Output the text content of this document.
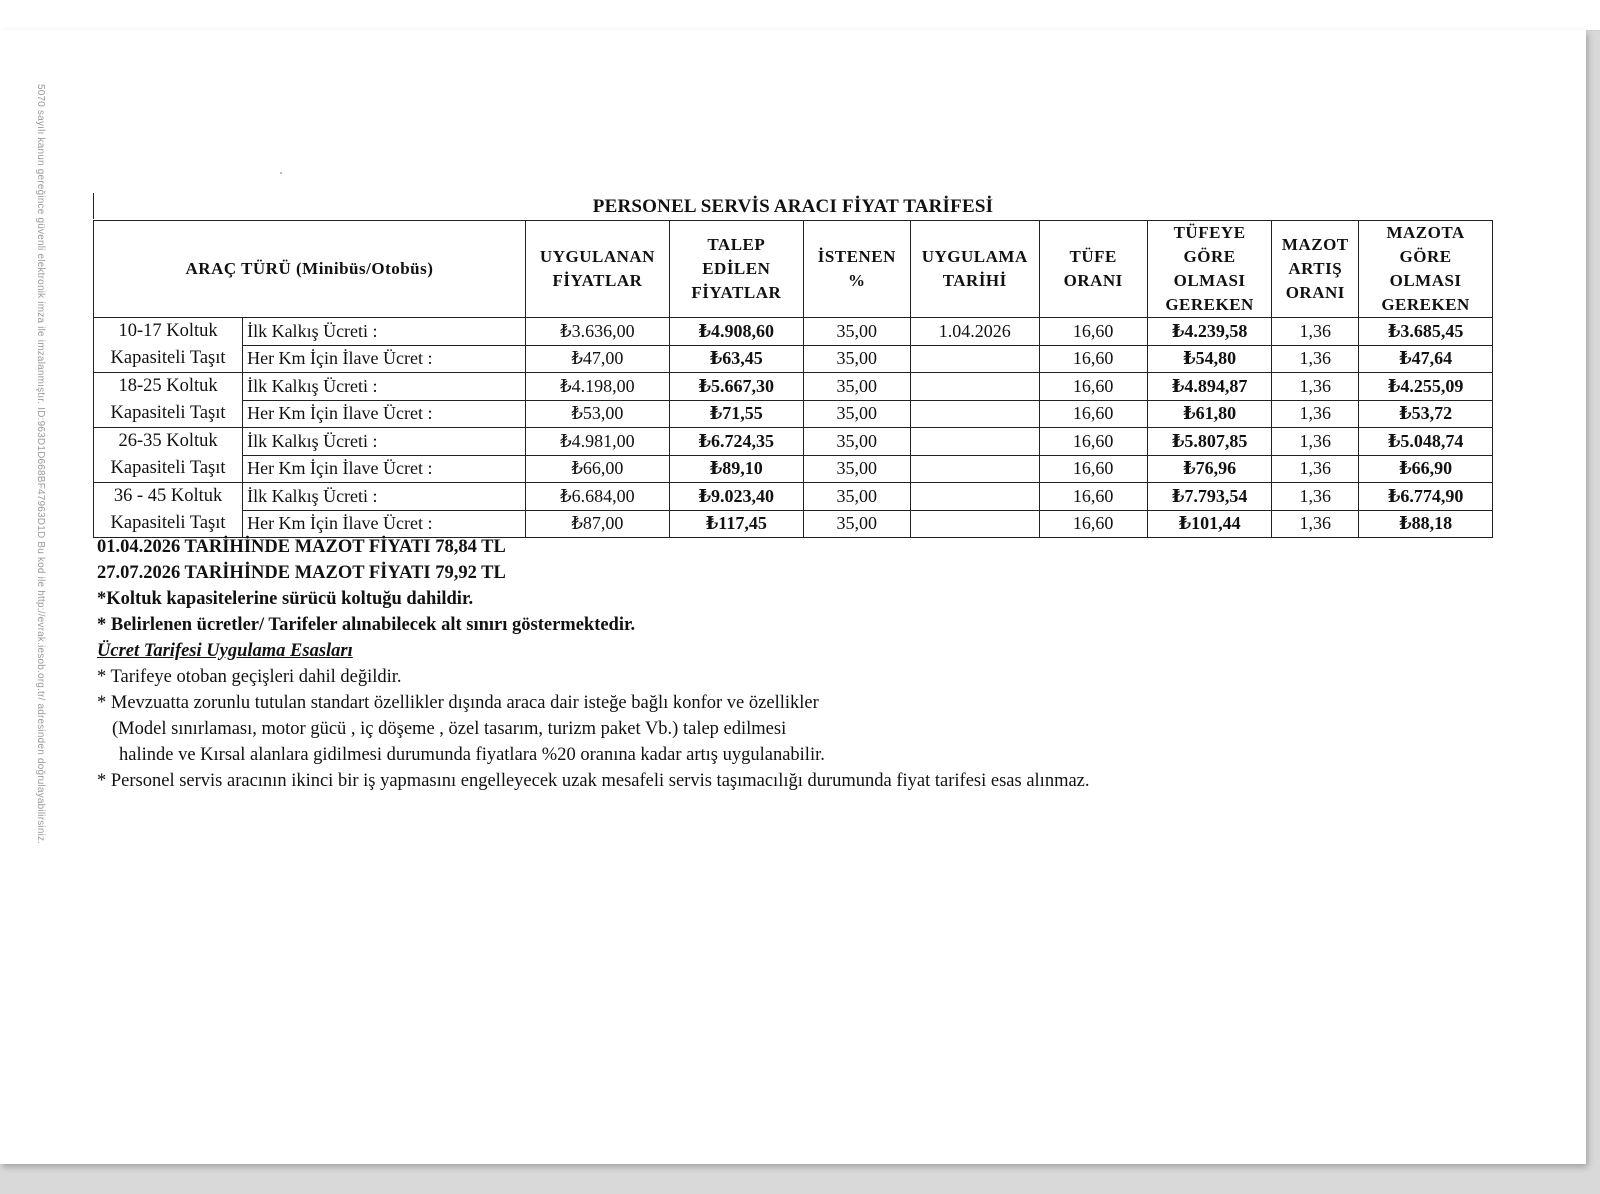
5070 sayılı kanun gereğince güvenli elektronik imza ile imzalanmıştır. ID:963D1D668BF47963D1D Bu kod ile http://evrak.iesob.org.tr/ adresinden doğrulayabilirsiniz.	PERSONEL SERVİS ARACI FİYAT TARİFESİ
ARAÇ TÜRÜ (Minibüs/Otobüs)		UYGULANAN FİYATLAR	TALEP EDİLEN FİYATLAR	İSTENEN %	UYGULAMA TARİHİ	TÜFE ORANI	TÜFEYE GÖRE OLMASI GEREKEN	MAZOT ARTIŞ ORANI	MAZOTA GÖRE OLMASI GEREKEN

10-17 Koltuk
Kapasiteli Taşıt	İlk Kalkış Ücreti :	₺3.636,00	₺4.908,60	35,00	1.04.2026	16,60	₺4.239,58	1,36	₺3.685,45
	Her Km İçin İlave Ücret :	₺47,00	₺63,45	35,00		16,60	₺54,80	1,36	₺47,64

18-25 Koltuk
Kapasiteli Taşıt	İlk Kalkış Ücreti :	₺4.198,00	₺5.667,30	35,00		16,60	₺4.894,87	1,36	₺4.255,09
	Her Km İçin İlave Ücret :	₺53,00	₺71,55	35,00		16,60	₺61,80	1,36	₺53,72

26-35 Koltuk
Kapasiteli Taşıt	İlk Kalkış Ücreti :	₺4.981,00	₺6.724,35	35,00		16,60	₺5.807,85	1,36	₺5.048,74
	Her Km İçin İlave Ücret :	₺66,00	₺89,10	35,00		16,60	₺76,96	1,36	₺66,90

36 - 45 Koltuk
Kapasiteli Taşıt	İlk Kalkış Ücreti :	₺6.684,00	₺9.023,40	35,00		16,60	₺7.793,54	1,36	₺6.774,90
	Her Km İçin İlave Ücret :	₺87,00	₺117,45	35,00		16,60	₺101,44	1,36	₺88,18
01.04.2026 TARİHİNDE MAZOT FİYATI 78,84 TL
27.07.2026 TARİHİNDE MAZOT FİYATI 79,92 TL
*Koltuk kapasitelerine sürücü koltuğu dahildir.
* Belirlenen ücretler/ Tarifeler alınabilecek alt sınırı göstermektedir.
Ücret Tarifesi Uygulama Esasları
* Tarifeye otoban geçişleri dahil değildir.
* Mevzuatta zorunlu tutulan standart özellikler dışında araca dair isteğe bağlı konfor ve özellikler
(Model sınırlaması, motor gücü , iç döşeme , özel tasarım, turizm paket Vb.) talep edilmesi
halinde ve Kırsal alanlara gidilmesi durumunda fiyatlara %20 oranına kadar artış uygulanabilir.
* Personel servis aracının ikinci bir iş yapmasını engelleyecek uzak mesafeli servis taşımacılığı durumunda fiyat tarifesi esas alınmaz.
